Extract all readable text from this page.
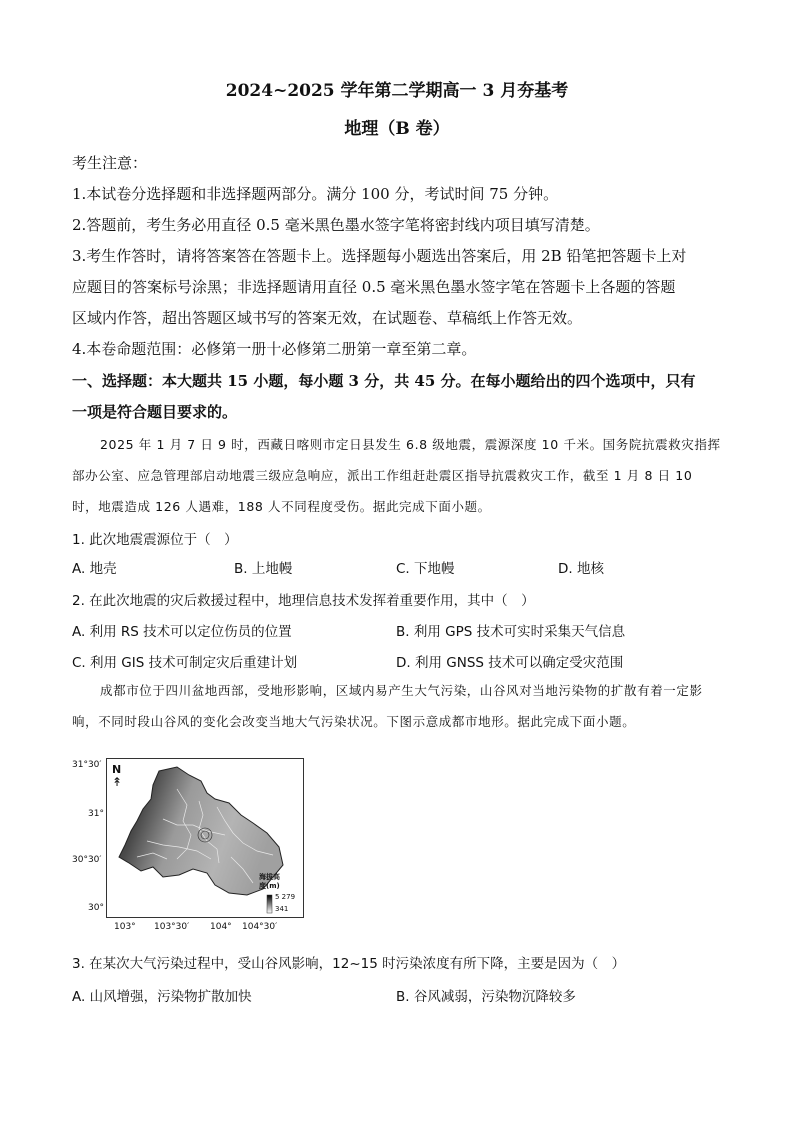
2024~2025 学年第二学期高一 3 月夯基考
地理（B 卷）
考生注意：
1.本试卷分选择题和非选择题两部分。满分 100 分，考试时间 75 分钟。
2.答题前，考生务必用直径 0.5 毫米黑色墨水签字笔将密封线内项目填写清楚。
3.考生作答时，请将答案答在答题卡上。选择题每小题选出答案后，用 2B 铅笔把答题卡上对
应题目的答案标号涂黑；非选择题请用直径 0.5 毫米黑色墨水签字笔在答题卡上各题的答题
区域内作答，超出答题区域书写的答案无效，在试题卷、草稿纸上作答无效。
4.本卷命题范围：必修第一册十必修第二册第一章至第二章。
一、选择题：本大题共 15 小题，每小题 3 分，共 45 分。在每小题给出的四个选项中，只有
一项是符合题目要求的。
2025 年 1 月 7 日 9 时，西藏日喀则市定日县发生 6.8 级地震，震源深度 10 千米。国务院抗震救灾指挥部办公室、应急管理部启动地震三级应急响应，派出工作组赶赴震区指导抗震救灾工作，截至 1 月 8 日 10 时，地震造成 126 人遇难，188 人不同程度受伤。据此完成下面小题。
1. 此次地震震源位于（　）
A. 地壳	B. 上地幔	C. 下地幔	D. 地核
2. 在此次地震的灾后救援过程中，地理信息技术发挥着重要作用，其中（　）
A. 利用 RS 技术可以定位伤员的位置	B. 利用 GPS 技术可实时采集天气信息
C. 利用 GIS 技术可制定灾后重建计划	D. 利用 GNSS 技术可以确定受灾范围
成都市位于四川盆地西部，受地形影响，区域内易产生大气污染，山谷风对当地污染物的扩散有着一定影响，不同时段山谷风的变化会改变当地大气污染状况。下图示意成都市地形。据此完成下面小题。
31°30′
31°
30°30′
30°
N
↟
海拔高
度(m)
5 279
341
103° 103°30′ 104° 104°30′
3. 在某次大气污染过程中，受山谷风影响，12~15 时污染浓度有所下降，主要是因为（　）
A. 山风增强，污染物扩散加快	B. 谷风减弱，污染物沉降较多
